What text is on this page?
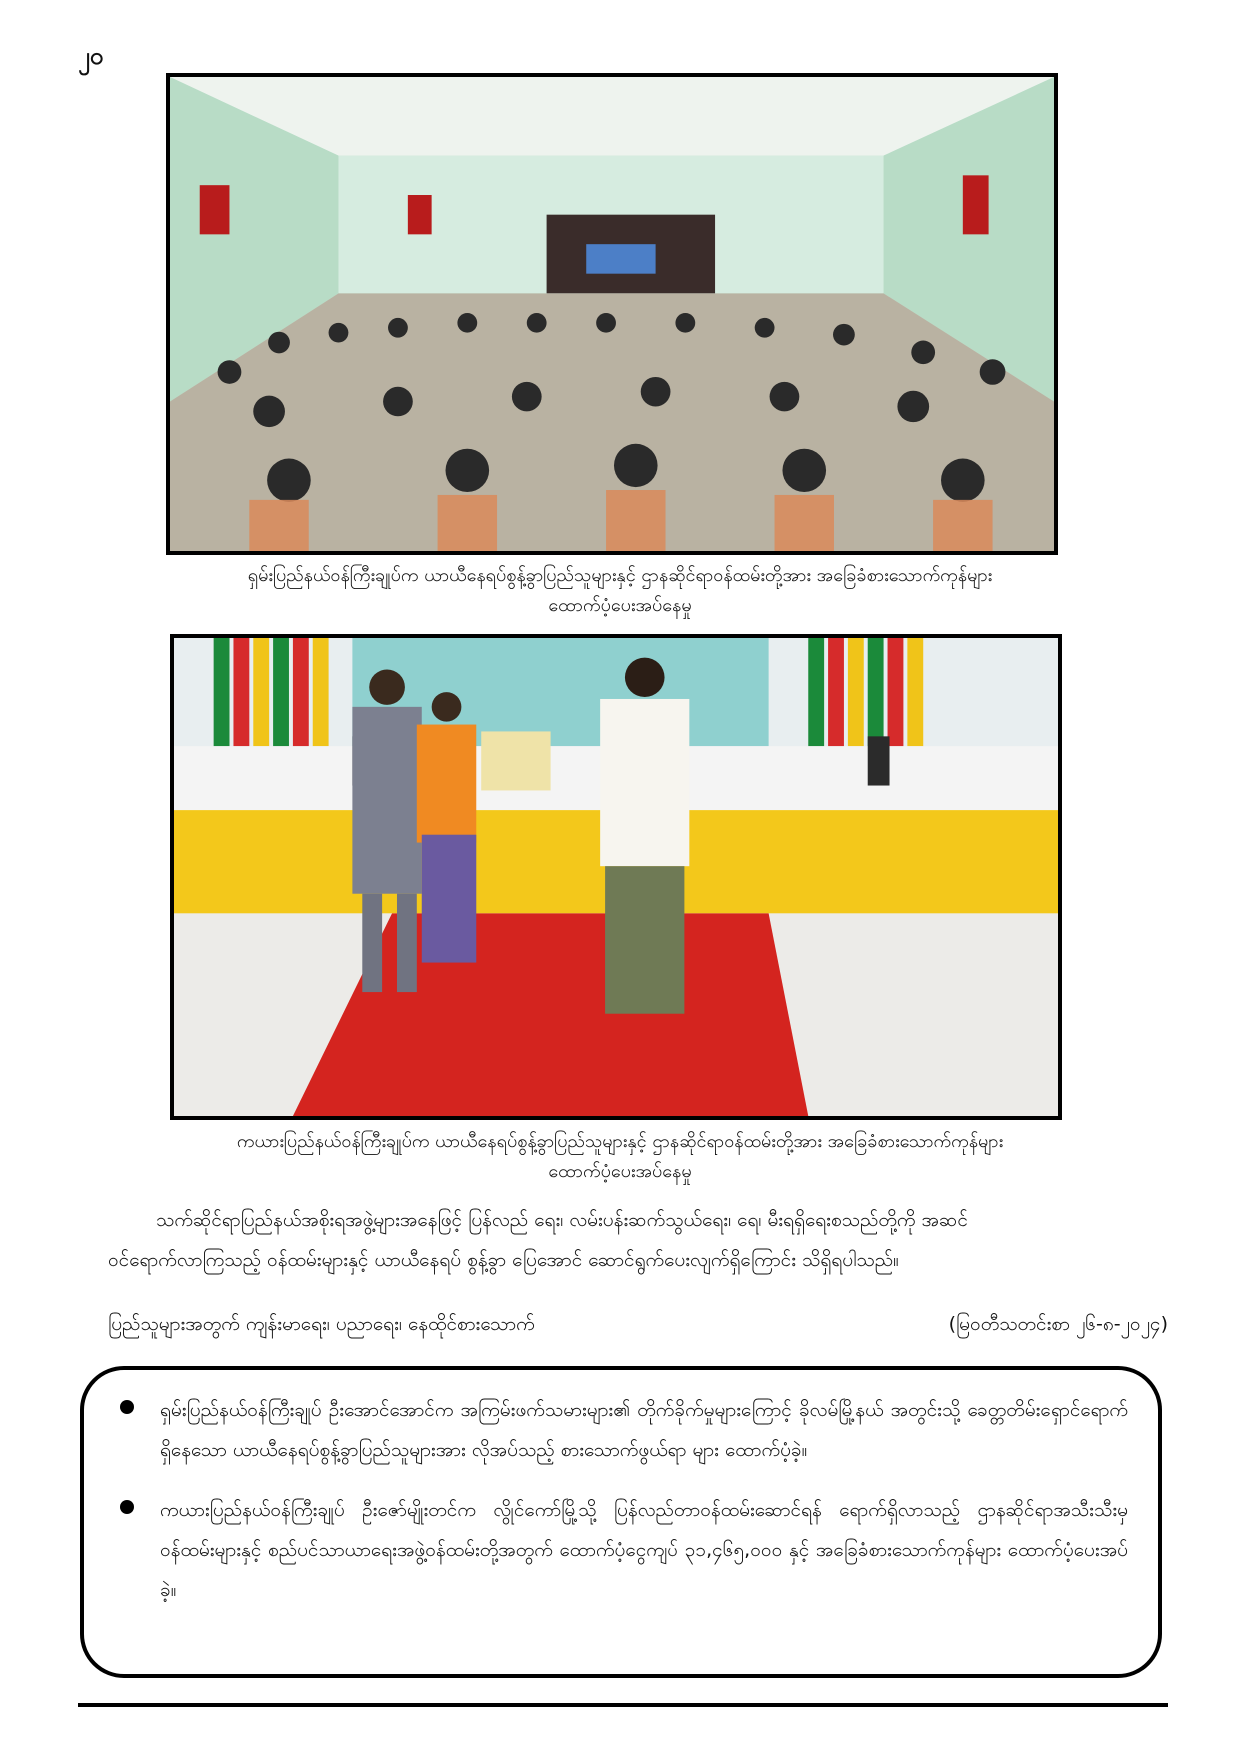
၂၀
ရှမ်းပြည်နယ်ဝန်ကြီးချုပ်က ယာယီနေရပ်စွန့်ခွာပြည်သူများနှင့် ဌာနဆိုင်ရာဝန်ထမ်းတို့အား အခြေခံစားသောက်ကုန်များ
ထောက်ပံ့ပေးအပ်နေမှု
ကယားပြည်နယ်ဝန်ကြီးချုပ်က ယာယီနေရပ်စွန့်ခွာပြည်သူများနှင့် ဌာနဆိုင်ရာဝန်ထမ်းတို့အား အခြေခံစားသောက်ကုန်များ
ထောက်ပံ့ပေးအပ်နေမှု
သက်ဆိုင်ရာပြည်နယ်အစိုးရအဖွဲ့များအနေဖြင့် ပြန်လည် ရေး၊ လမ်းပန်းဆက်သွယ်ရေး၊ ရေ၊ မီးရရှိရေးစသည်တို့ကို အဆင်
ဝင်ရောက်လာကြသည့် ဝန်ထမ်းများနှင့် ယာယီနေရပ် စွန့်ခွာ ပြေအောင် ဆောင်ရွက်ပေးလျက်ရှိကြောင်း သိရှိရပါသည်။
ပြည်သူများအတွက် ကျန်းမာရေး၊ ပညာရေး၊ နေထိုင်စားသောက်	(မြဝတီသတင်းစာ ၂၆-၈-၂၀၂၄)
ရှမ်းပြည်နယ်ဝန်ကြီးချုပ် ဦးအောင်အောင်က အကြမ်းဖက်သမားများ၏ တိုက်ခိုက်မှုများကြောင့် ခိုလမ်မြို့နယ် အတွင်းသို့ ခေတ္တတိမ်းရှောင်ရောက်ရှိနေသော ယာယီနေရပ်စွန့်ခွာပြည်သူများအား လိုအပ်သည့် စားသောက်ဖွယ်ရာ များ ထောက်ပံ့ခဲ့။
ကယားပြည်နယ်ဝန်ကြီးချုပ် ဦးဇော်မျိုးတင်က လွိုင်ကော်မြို့သို့ ပြန်လည်တာဝန်ထမ်းဆောင်ရန် ရောက်ရှိလာသည့် ဌာနဆိုင်ရာအသီးသီးမှ ဝန်ထမ်းများနှင့် စည်ပင်သာယာရေးအဖွဲ့ဝန်ထမ်းတို့အတွက် ထောက်ပံ့ငွေကျပ် ၃၁,၄၆၅,၀၀၀ နှင့် အခြေခံစားသောက်ကုန်များ ထောက်ပံ့ပေးအပ်ခဲ့။
